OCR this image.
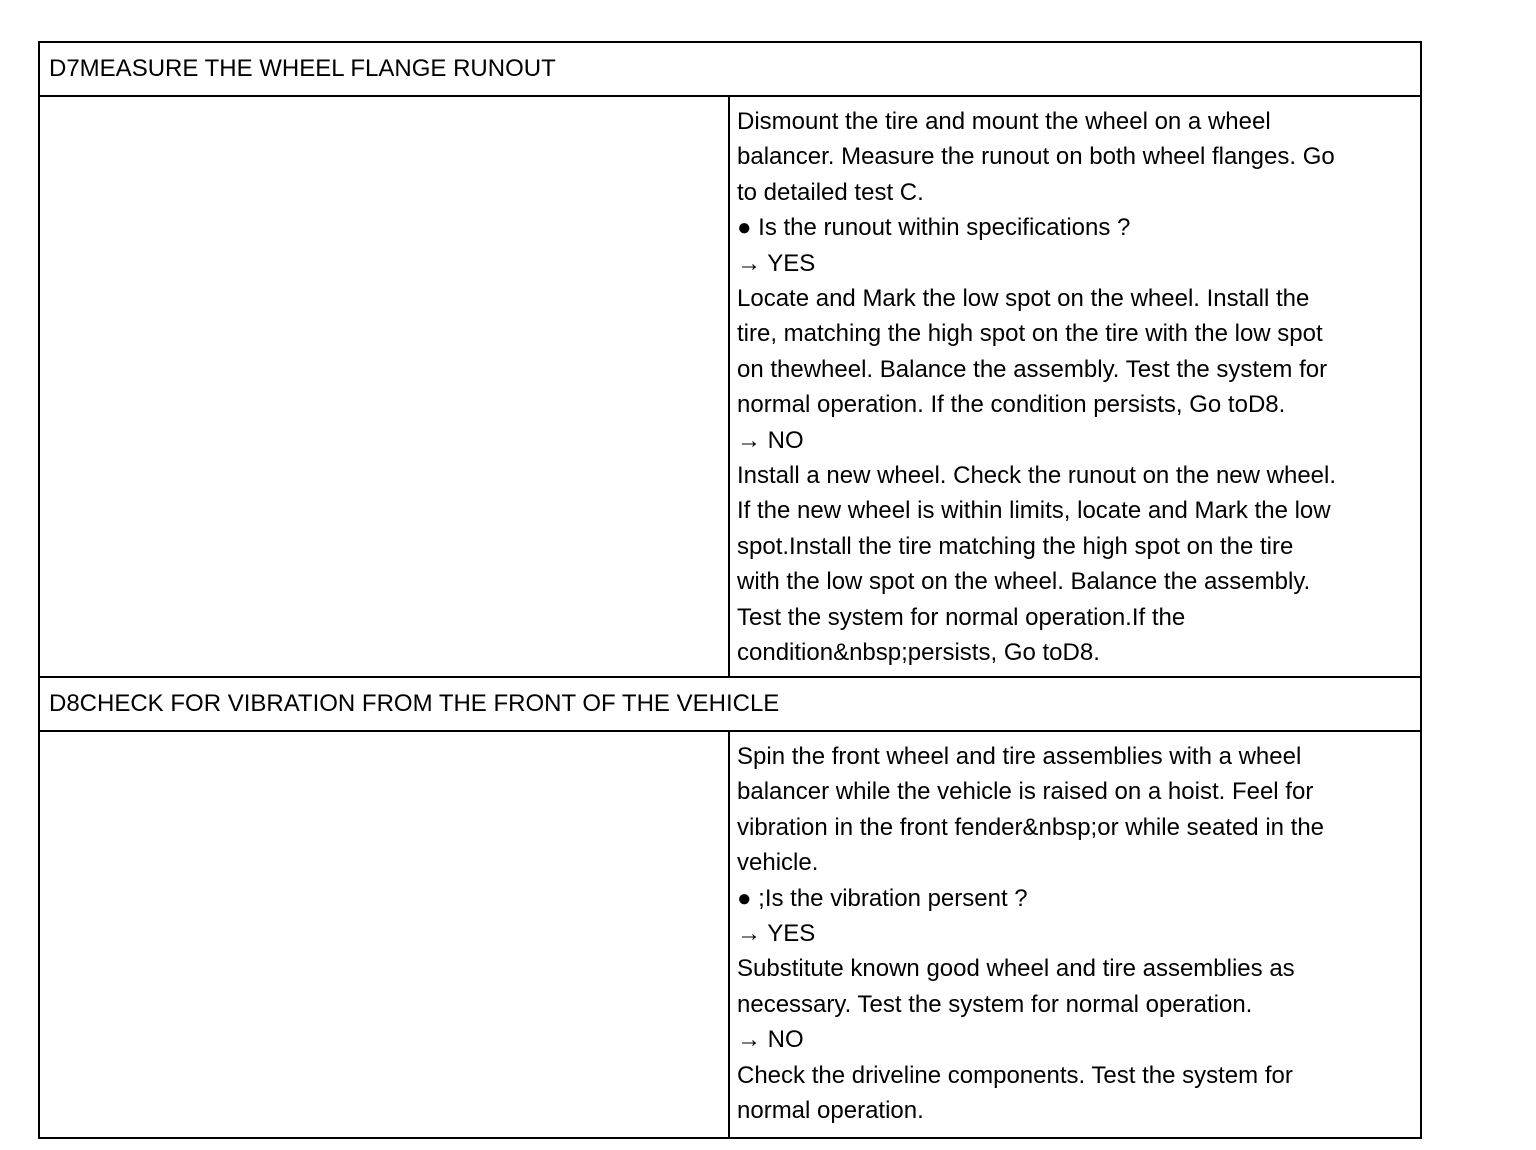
D7MEASURE THE WHEEL FLANGE RUNOUT
Dismount the tire and mount the wheel on a wheel
balancer. Measure the runout on both wheel flanges. Go
to detailed test C.
● Is the runout within specifications ?
→ YES
Locate and Mark the low spot on the wheel. Install the
tire, matching the high spot on the tire with the low spot
on thewheel. Balance the assembly. Test the system for
normal operation. If the condition persists, Go toD8.
→ NO
Install a new wheel. Check the runout on the new wheel.
If the new wheel is within limits, locate and Mark the low
spot.Install the tire matching the high spot on the tire
with the low spot on the wheel. Balance the assembly.
Test the system for normal operation.If the
condition&nbsp;persists, Go toD8.
D8CHECK FOR VIBRATION FROM THE FRONT OF THE VEHICLE
Spin the front wheel and tire assemblies with a wheel
balancer while the vehicle is raised on a hoist. Feel for
vibration in the front fender&nbsp;or while seated in the
vehicle.
● ;Is the vibration persent ?
→ YES
Substitute known good wheel and tire assemblies as
necessary. Test the system for normal operation.
→ NO
Check the driveline components. Test the system for
normal operation.
